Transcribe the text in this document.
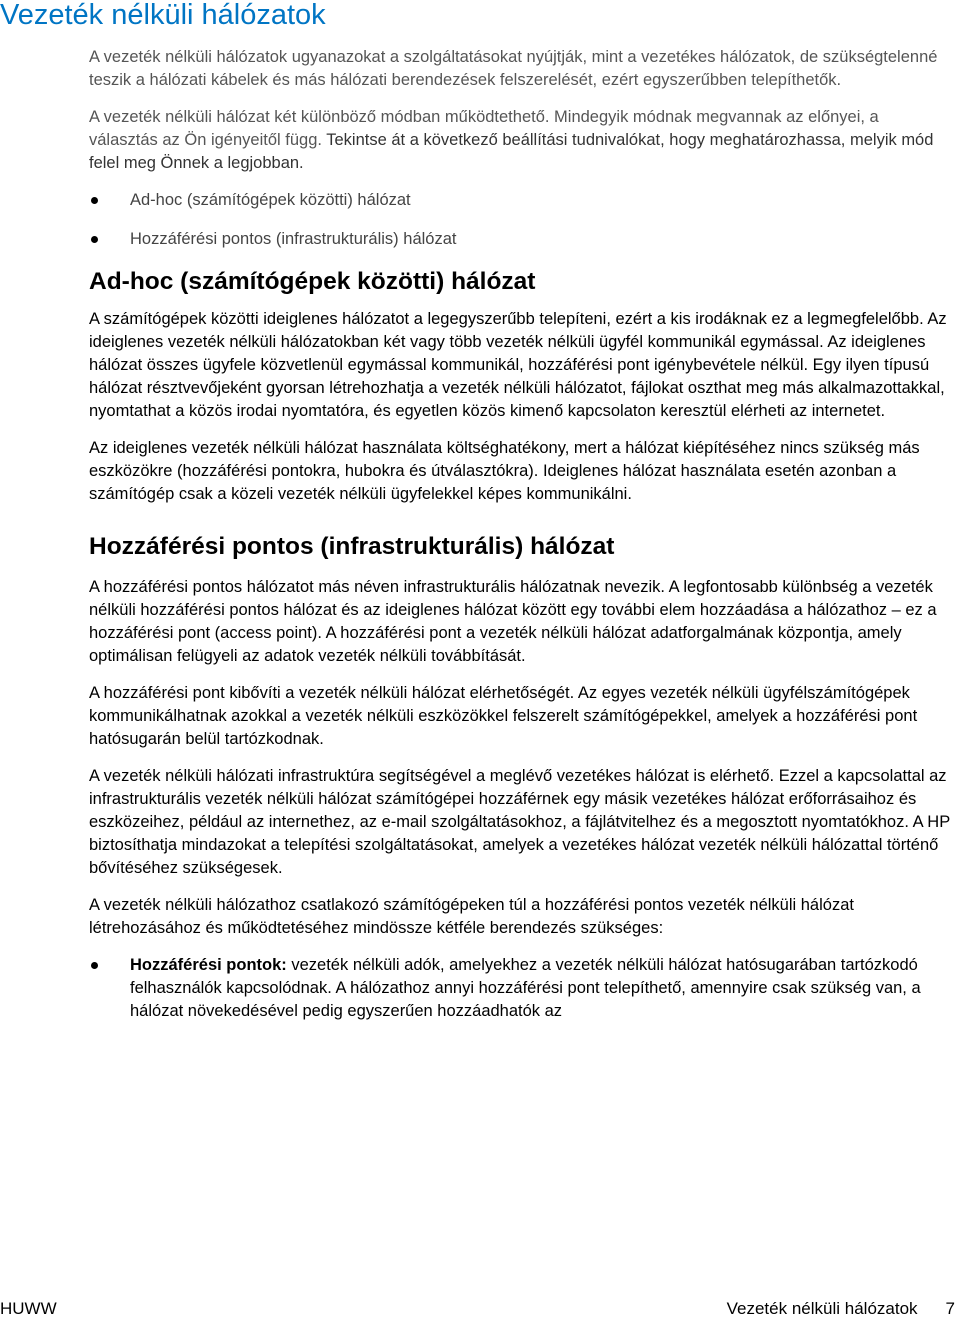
Vezeték nélküli hálózatok

A vezeték nélküli hálózatok ugyanazokat a szolgáltatásokat nyújtják, mint a vezetékes hálózatok, de szükségtelenné teszik a hálózati kábelek és más hálózati berendezések felszerelését, ezért egyszerűbben telepíthetők.

A vezeték nélküli hálózat két különböző módban működtethető. Mindegyik módnak megvannak az előnyei, a választás az Ön igényeitől függ. Tekintse át a következő beállítási tudnivalókat, hogy meghatározhassa, melyik mód felel meg Önnek a legjobban.

Ad-hoc (számítógépek közötti) hálózat
Hozzáférési pontos (infrastrukturális) hálózat
Ad-hoc (számítógépek közötti) hálózat

A számítógépek közötti ideiglenes hálózatot a legegyszerűbb telepíteni, ezért a kis irodáknak ez a legmegfelelőbb. Az ideiglenes vezeték nélküli hálózatokban két vagy több vezeték nélküli ügyfél kommunikál egymással. Az ideiglenes hálózat összes ügyfele közvetlenül egymással kommunikál, hozzáférési pont igénybevétele nélkül. Egy ilyen típusú hálózat résztvevőjeként gyorsan létrehozhatja a vezeték nélküli hálózatot, fájlokat oszthat meg más alkalmazottakkal, nyomtathat a közös irodai nyomtatóra, és egyetlen közös kimenő kapcsolaton keresztül elérheti az internetet.

Az ideiglenes vezeték nélküli hálózat használata költséghatékony, mert a hálózat kiépítéséhez nincs szükség más eszközökre (hozzáférési pontokra, hubokra és útválasztókra). Ideiglenes hálózat használata esetén azonban a számítógép csak a közeli vezeték nélküli ügyfelekkel képes kommunikálni.

Hozzáférési pontos (infrastrukturális) hálózat

A hozzáférési pontos hálózatot más néven infrastrukturális hálózatnak nevezik. A legfontosabb különbség a vezeték nélküli hozzáférési pontos hálózat és az ideiglenes hálózat között egy további elem hozzáadása a hálózathoz – ez a hozzáférési pont (access point). A hozzáférési pont a vezeték nélküli hálózat adatforgalmának központja, amely optimálisan felügyeli az adatok vezeték nélküli továbbítását.

A hozzáférési pont kibővíti a vezeték nélküli hálózat elérhetőségét. Az egyes vezeték nélküli ügyfélszámítógépek kommunikálhatnak azokkal a vezeték nélküli eszközökkel felszerelt számítógépekkel, amelyek a hozzáférési pont hatósugarán belül tartózkodnak.

A vezeték nélküli hálózati infrastruktúra segítségével a meglévő vezetékes hálózat is elérhető. Ezzel a kapcsolattal az infrastrukturális vezeték nélküli hálózat számítógépei hozzáférnek egy másik vezetékes hálózat erőforrásaihoz és eszközeihez, például az internethez, az e-mail szolgáltatásokhoz, a fájlátvitelhez és a megosztott nyomtatókhoz. A HP biztosíthatja mindazokat a telepítési szolgáltatásokat, amelyek a vezetékes hálózat vezeték nélküli hálózattal történő bővítéséhez szükségesek.

A vezeték nélküli hálózathoz csatlakozó számítógépeken túl a hozzáférési pontos vezeték nélküli hálózat létrehozásához és működtetéséhez mindössze kétféle berendezés szükséges:

Hozzáférési pontok: vezeték nélküli adók, amelyekhez a vezeték nélküli hálózat hatósugarában tartózkodó felhasználók kapcsolódnak. A hálózathoz annyi hozzáférési pont telepíthető, amennyire csak szükség van, a hálózat növekedésével pedig egyszerűen hozzáadhatók az
HUWW	Vezeték nélküli hálózatok 7
